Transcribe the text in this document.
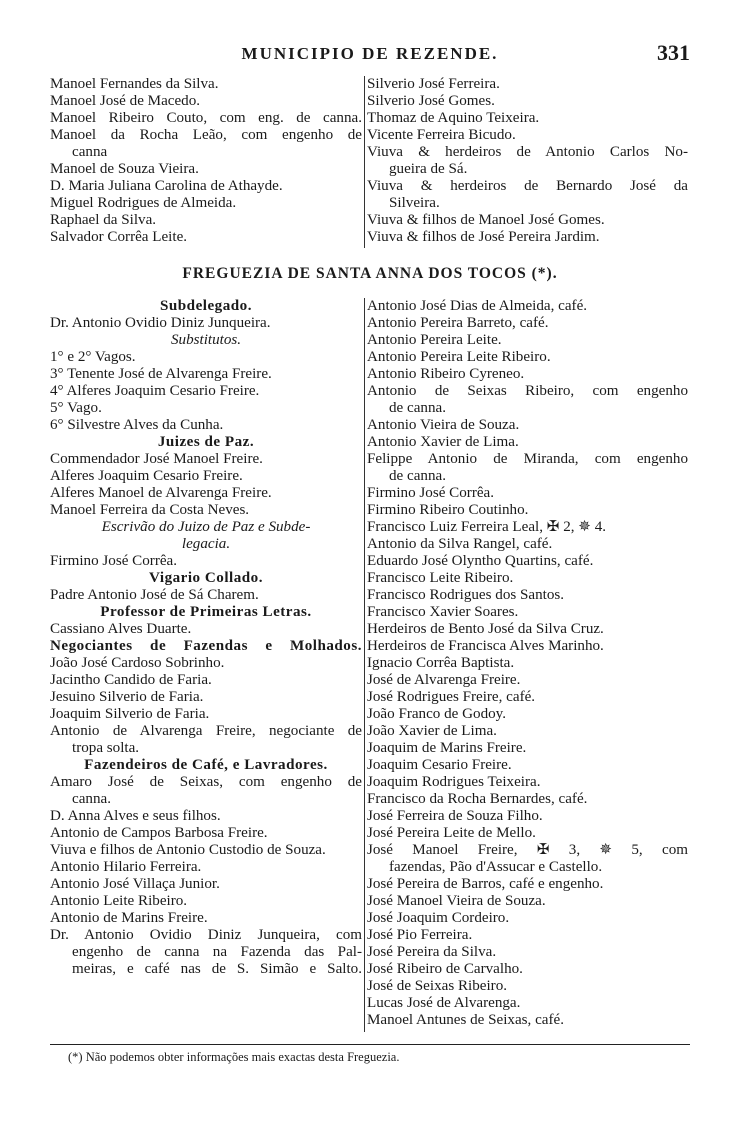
MUNICIPIO DE REZENDE.	331
Manoel Fernandes da Silva.
Manoel José de Macedo.
Manoel Ribeiro Couto, com eng. de canna.
Manoel da Rocha Leão, com engenho de
canna
Manoel de Souza Vieira.
D. Maria Juliana Carolina de Athayde.
Miguel Rodrigues de Almeida.
Raphael da Silva.
Salvador Corrêa Leite.
Silverio José Ferreira.
Silverio José Gomes.
Thomaz de Aquino Teixeira.
Vicente Ferreira Bicudo.
Viuva & herdeiros de Antonio Carlos No-
gueira de Sá.
Viuva & herdeiros de Bernardo José da
Silveira.
Viuva & filhos de Manoel José Gomes.
Viuva & filhos de José Pereira Jardim.
FREGUEZIA DE SANTA ANNA DOS TOCOS (*).
Subdelegado.
Dr. Antonio Ovidio Diniz Junqueira.
Substitutos.
1° e 2° Vagos.
3° Tenente José de Alvarenga Freire.
4° Alferes Joaquim Cesario Freire.
5° Vago.
6° Silvestre Alves da Cunha.
Juizes de Paz.
Commendador José Manoel Freire.
Alferes Joaquim Cesario Freire.
Alferes Manoel de Alvarenga Freire.
Manoel Ferreira da Costa Neves.
Escrivão do Juizo de Paz e Subde-
legacia.
Firmino José Corrêa.
Vigario Collado.
Padre Antonio José de Sá Charem.
Professor de Primeiras Letras.
Cassiano Alves Duarte.
Negociantes de Fazendas e Molhados.
João José Cardoso Sobrinho.
Jacintho Candido de Faria.
Jesuino Silverio de Faria.
Joaquim Silverio de Faria.
Antonio de Alvarenga Freire, negociante de
tropa solta.
Fazendeiros de Café, e Lavradores.
Amaro José de Seixas, com engenho de
canna.
D. Anna Alves e seus filhos.
Antonio de Campos Barbosa Freire.
Viuva e filhos de Antonio Custodio de Souza.
Antonio Hilario Ferreira.
Antonio José Villaça Junior.
Antonio Leite Ribeiro.
Antonio de Marins Freire.
Dr. Antonio Ovidio Diniz Junqueira, com
engenho de canna na Fazenda das Pal-
meiras, e café nas de S. Simão e Salto.
Antonio José Dias de Almeida, café.
Antonio Pereira Barreto, café.
Antonio Pereira Leite.
Antonio Pereira Leite Ribeiro.
Antonio Ribeiro Cyreneo.
Antonio de Seixas Ribeiro, com engenho
de canna.
Antonio Vieira de Souza.
Antonio Xavier de Lima.
Felippe Antonio de Miranda, com engenho
de canna.
Firmino José Corrêa.
Firmino Ribeiro Coutinho.
Francisco Luiz Ferreira Leal, ✠ 2, ✵ 4.
Antonio da Silva Rangel, café.
Eduardo José Olyntho Quartins, café.
Francisco Leite Ribeiro.
Francisco Rodrigues dos Santos.
Francisco Xavier Soares.
Herdeiros de Bento José da Silva Cruz.
Herdeiros de Francisca Alves Marinho.
Ignacio Corrêa Baptista.
José de Alvarenga Freire.
José Rodrigues Freire, café.
João Franco de Godoy.
João Xavier de Lima.
Joaquim de Marins Freire.
Joaquim Cesario Freire.
Joaquim Rodrigues Teixeira.
Francisco da Rocha Bernardes, café.
José Ferreira de Souza Filho.
José Pereira Leite de Mello.
José Manoel Freire, ✠ 3, ✵ 5, com
fazendas, Pão d'Assucar e Castello.
José Pereira de Barros, café e engenho.
José Manoel Vieira de Souza.
José Joaquim Cordeiro.
José Pio Ferreira.
José Pereira da Silva.
José Ribeiro de Carvalho.
José de Seixas Ribeiro.
Lucas José de Alvarenga.
Manoel Antunes de Seixas, café.
(*) Não podemos obter informações mais exactas desta Freguezia.
